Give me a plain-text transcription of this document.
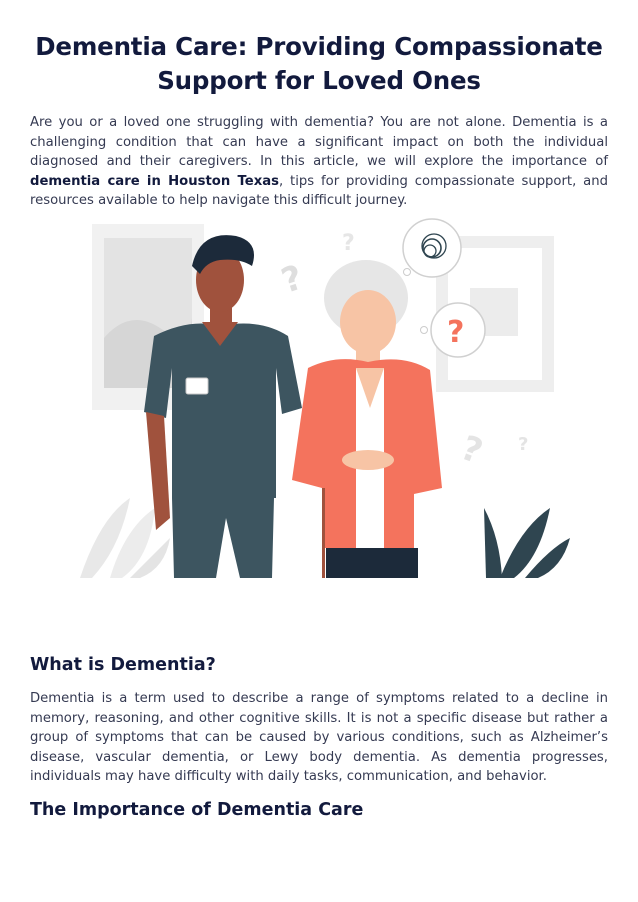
Dementia Care: Providing Compassionate
Support for Loved Ones

Are you or a loved one struggling with dementia? You are not alone. Dementia is a challenging condition that can have a significant impact on both the individual diagnosed and their caregivers. In this article, we will explore the importance of dementia care in Houston Texas, tips for providing compassionate support, and resources available to help navigate this difficult journey.

?
?
? ?
?
What is Dementia?

Dementia is a term used to describe a range of symptoms related to a decline in memory, reasoning, and other cognitive skills. It is not a specific disease but rather a group of symptoms that can be caused by various conditions, such as Alzheimer’s disease, vascular dementia, or Lewy body dementia. As dementia progresses, individuals may have difficulty with daily tasks, communication, and behavior.

The Importance of Dementia Care
